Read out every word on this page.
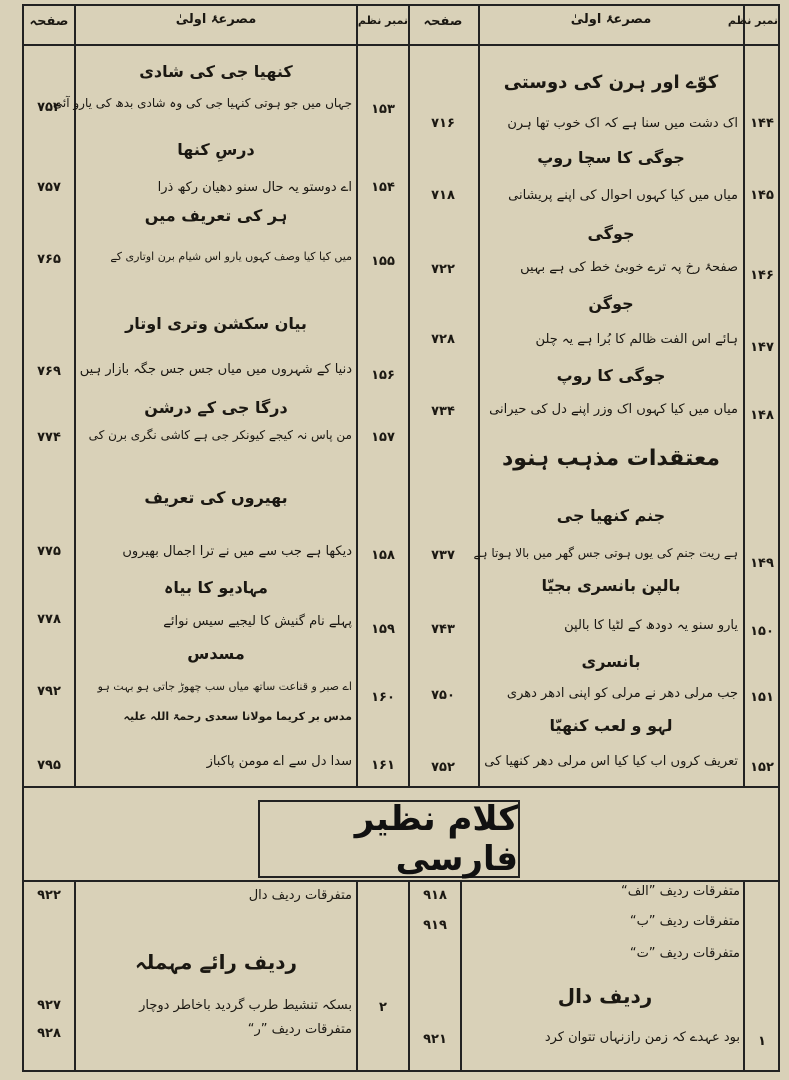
نمبر نظم
مصرعۂ اولیٰ
صفحہ
نمبر نظم
مصرعۂ اولیٰ
صفحہ
کوّے اور ہرن کی دوستی
۱۴۴
اک دشت میں سنا ہے کہ اک خوب تھا ہرن
۷۱۶
جوگی کا سچا روپ
۱۴۵
میاں میں کیا کہوں احوال کی اپنے پریشانی
۷۱۸
جوگی
۱۴۶
صفحۂ رخ پہ ترے خوبیٔ خط کی ہے بہیں
۷۲۲
جوگن
۱۴۷
ہائے اس الفت ظالم کا بُرا ہے یہ چلن
۷۲۸
جوگی کا روپ
۱۴۸
میاں میں کیا کہوں اک وزر اپنے دل کی حیرانی
۷۳۴
معتقدات مذہب ہنود
جنم کنھیا جی
۱۴۹
ہے ریت جنم کی یوں ہوتی جس گھر میں بالا ہوتا ہے
۷۳۷
بالپن بانسری بجیّا
۱۵۰
یارو سنو یہ دودھ کے لٹیا کا بالپن
۷۴۳
بانسری
۱۵۱
جب مرلی دھر نے مرلی کو اپنی ادھر دھری
۷۵۰
لہو و لعب کنھیّا
۱۵۲
تعریف کروں اب کیا کیا اس مرلی دھر کنھیا کی
۷۵۲
کنھیا جی کی شادی
۱۵۳
جہاں میں جو ہوتی کنہیا جی کی وہ شادی بدھ کی یارو آئی
۷۵۴
درسِ کنھا
۱۵۴
اے دوستو یہ حال سنو دھیان رکھ ذرا
۷۵۷
ہر کی تعریف میں
۱۵۵
میں کیا کیا وصف کہوں یارو اس شیام برن اوتاری کے
۷۶۵
بیان سکشن وتری اوتار
۱۵۶
دنیا کے شہروں میں میاں جس جس جگہ بازار ہیں
۷۶۹
درگا جی کے درشن
۱۵۷
من پاس نہ کیجے کیونکر جی ہے کاشی نگری برن کی
۷۷۴
بھیروں کی تعریف
۱۵۸
دیکھا ہے جب سے میں نے ترا اجمال بھیروں
۷۷۵
مہادیو کا بیاہ
۱۵۹
پہلے نام گنیش کا لیجیے سیس نوائے
۷۷۸
مسدس
۱۶۰
اے صبر و قناعت ساتھ میاں سب چھوڑ جاتی ہو بہت ہو
۷۹۲
مدس بر کریما مولانا سعدی رحمۃ اللہ علیہ
۱۶۱
سدا دل سے اے مومن پاکباز
۷۹۵
کلام نظیر فارسی
متفرقات ردیف ”الف“
۹۱۸
متفرقات ردیف ”ب“
۹۱۹
متفرقات ردیف ”ت“
ردیف دال
۱
بود عہدے کہ زمن رازنہاں تتوان کرد
۹۲۱
متفرقات ردیف دال
۹۲۲
ردیف رائے مہملہ
۲
بسکہ تنشیط طرب گردید باخاطر دوچار
۹۲۷
متفرقات ردیف ”ر“
۹۲۸
